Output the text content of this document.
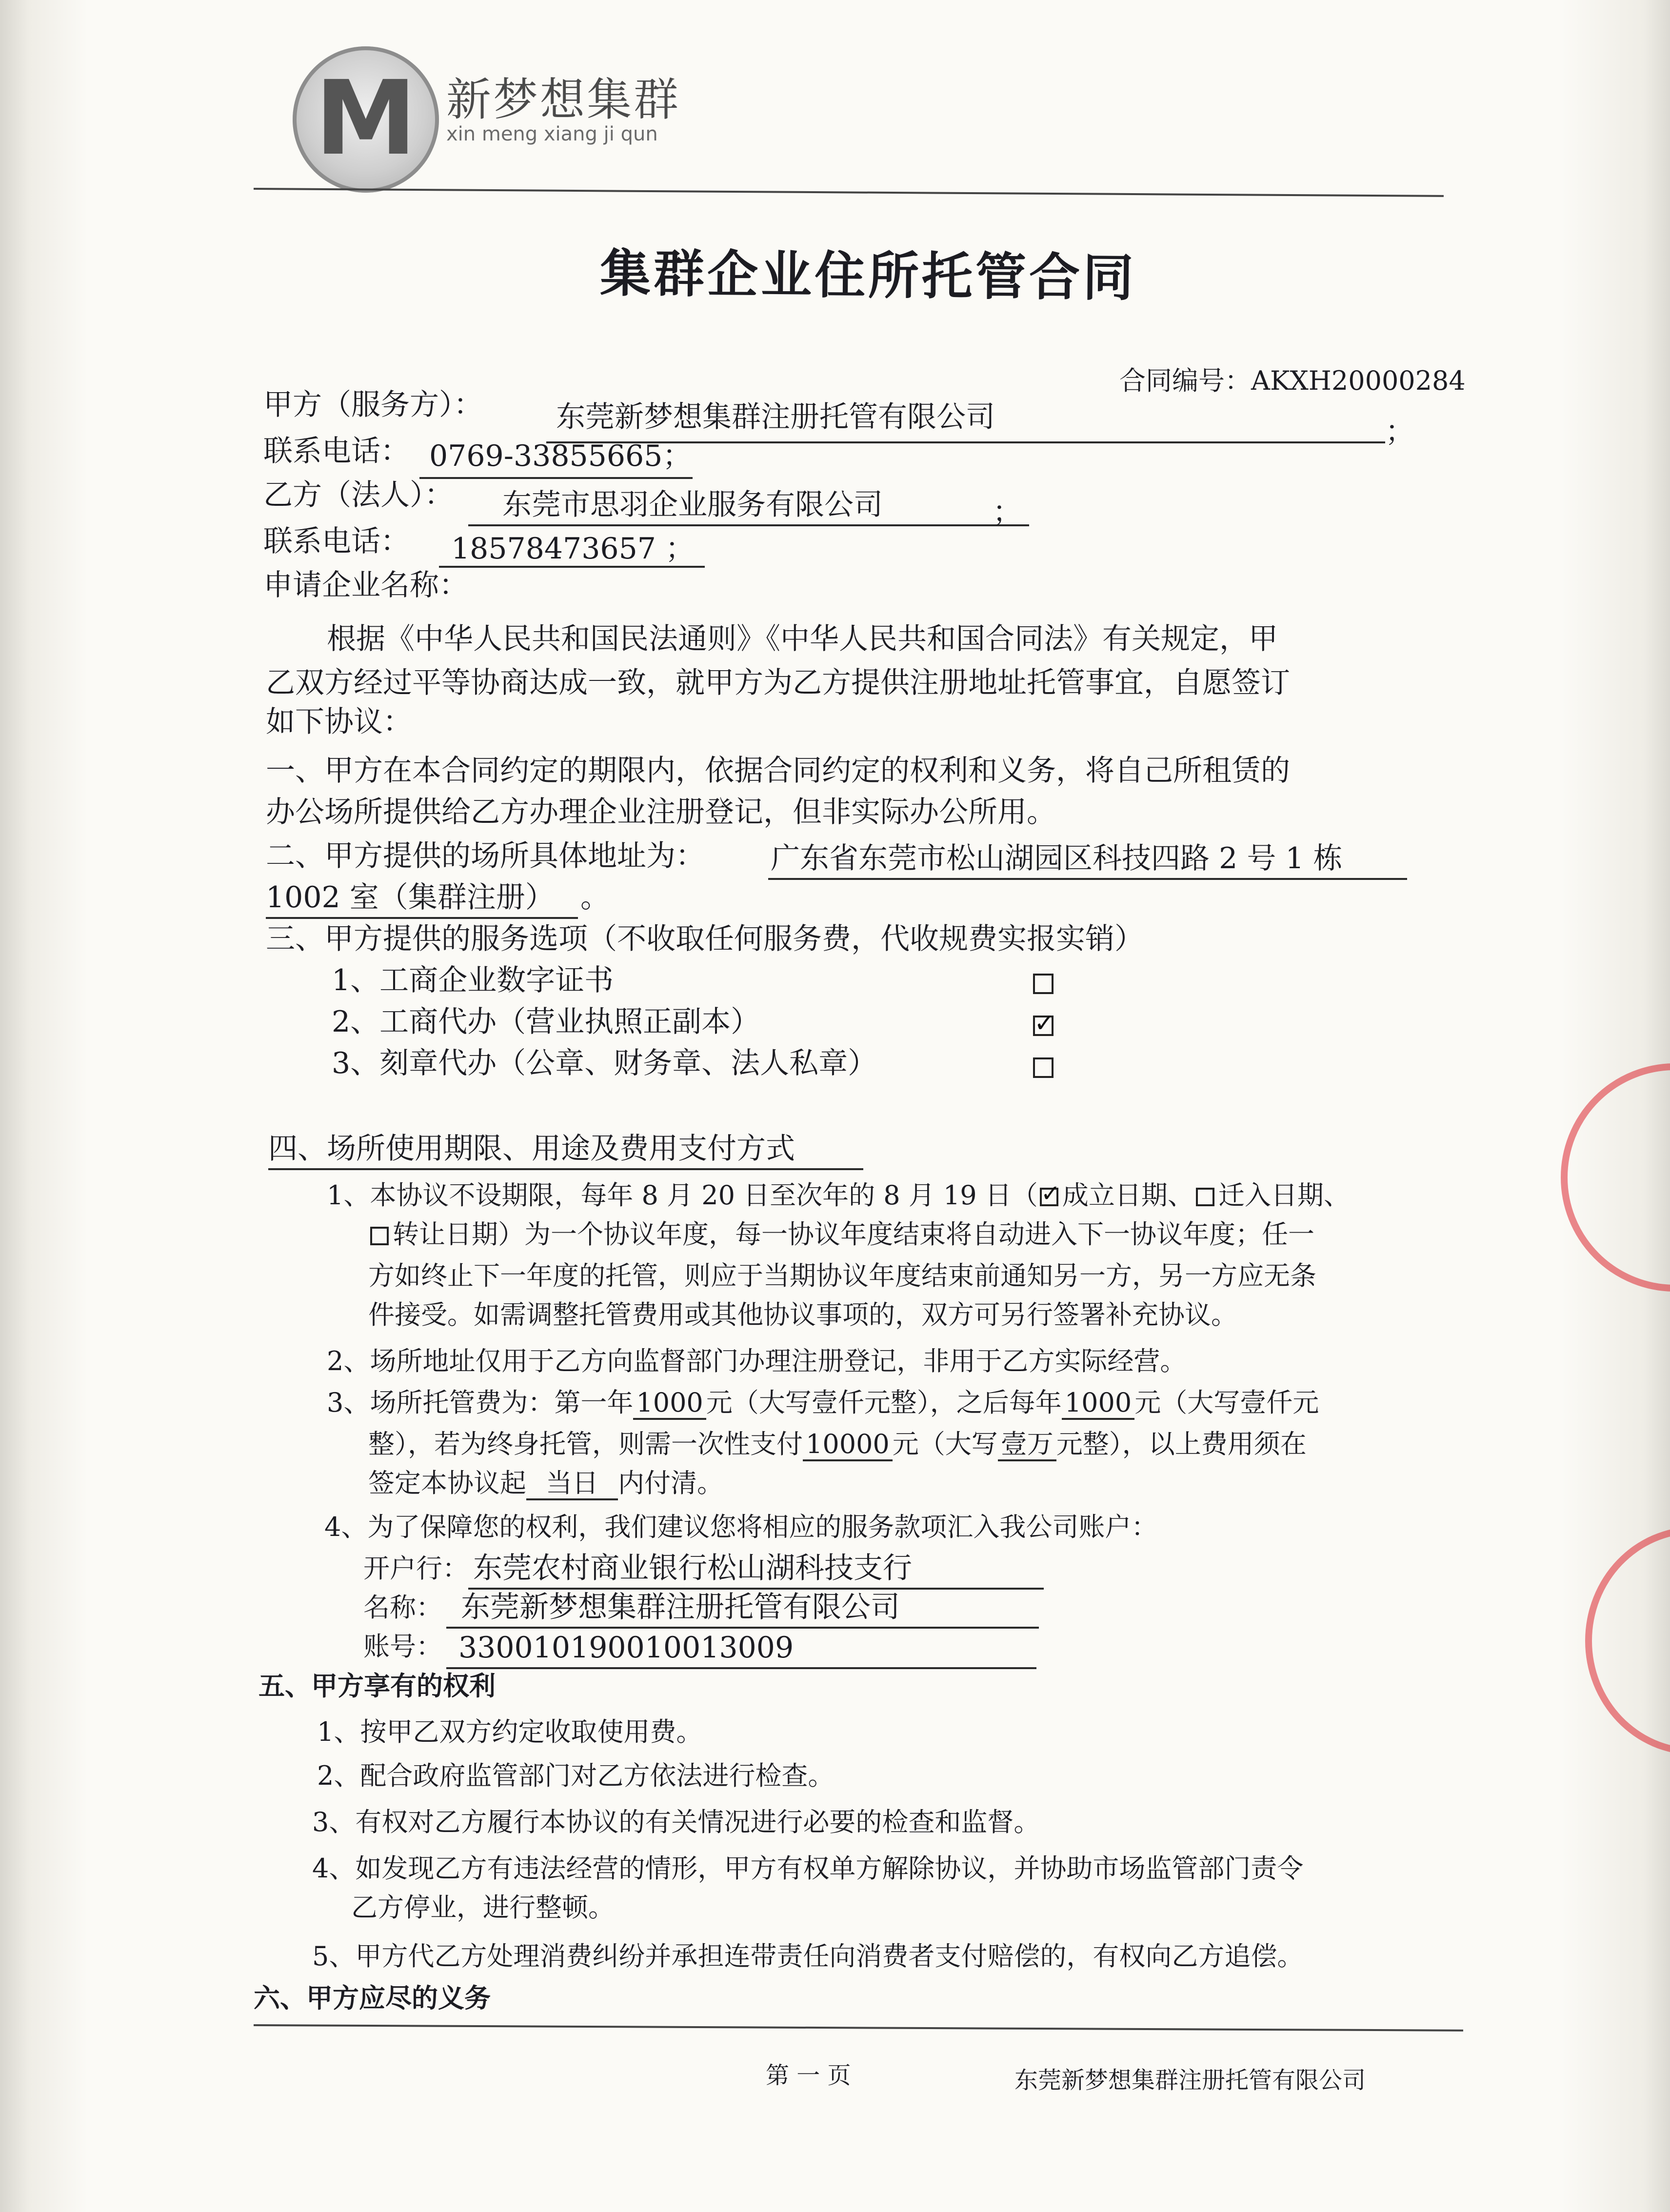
M 新梦想集群
xin meng xiang ji qun
集群企业住所托管合同
合同编号：AKXH20000284
甲方（服务方）：	东莞新梦想集群注册托管有限公司	；
联系电话： 0769-33855665；
乙方（法人）： 东莞市思羽企业服务有限公司	；
联系电话： 18578473657 ；
申请企业名称：
根据《中华人民共和国民法通则》《中华人民共和国合同法》有关规定，甲
乙双方经过平等协商达成一致，就甲方为乙方提供注册地址托管事宜，自愿签订
如下协议：
一、甲方在本合同约定的期限内，依据合同约定的权利和义务，将自己所租赁的
办公场所提供给乙方办理企业注册登记，但非实际办公所用。
二、甲方提供的场所具体地址为： 广东省东莞市松山湖园区科技四路 2 号 1 栋
1002 室（集群注册） 。
三、甲方提供的服务选项（不收取任何服务费，代收规费实报实销）
1、工商企业数字证书
2、工商代办（营业执照正副本）	✓
3、刻章代办（公章、财务章、法人私章）
四、场所使用期限、用途及费用支付方式
1、本协议不设期限，每年 8 月 20 日至次年的 8 月 19 日（ ✓ 成立日期、 迁入日期、
转让日期）为一个协议年度，每一协议年度结束将自动进入下一协议年度；任一
方如终止下一年度的托管，则应于当期协议年度结束前通知另一方，另一方应无条
件接受。如需调整托管费用或其他协议事项的，双方可另行签署补充协议。
2、场所地址仅用于乙方向监督部门办理注册登记，非用于乙方实际经营。
3、场所托管费为：第一年 1000 元（大写壹仟元整），之后每年 1000 元（大写壹仟元
整），若为终身托管，则需一次性支付 10000 元（大写 壹万 元整），以上费用须在
签定本协议起 当日 内付清。
4、为了保障您的权利，我们建议您将相应的服务款项汇入我公司账户：
开户行： 东莞农村商业银行松山湖科技支行
名称： 东莞新梦想集群注册托管有限公司
账号： 330010190010013009
五、甲方享有的权利
1、按甲乙双方约定收取使用费。
2、配合政府监管部门对乙方依法进行检查。
3、有权对乙方履行本协议的有关情况进行必要的检查和监督。
4、如发现乙方有违法经营的情形，甲方有权单方解除协议，并协助市场监管部门责令
乙方停业，进行整顿。
5、甲方代乙方处理消费纠纷并承担连带责任向消费者支付赔偿的，有权向乙方追偿。
六、甲方应尽的义务
第 一 页	东莞新梦想集群注册托管有限公司
